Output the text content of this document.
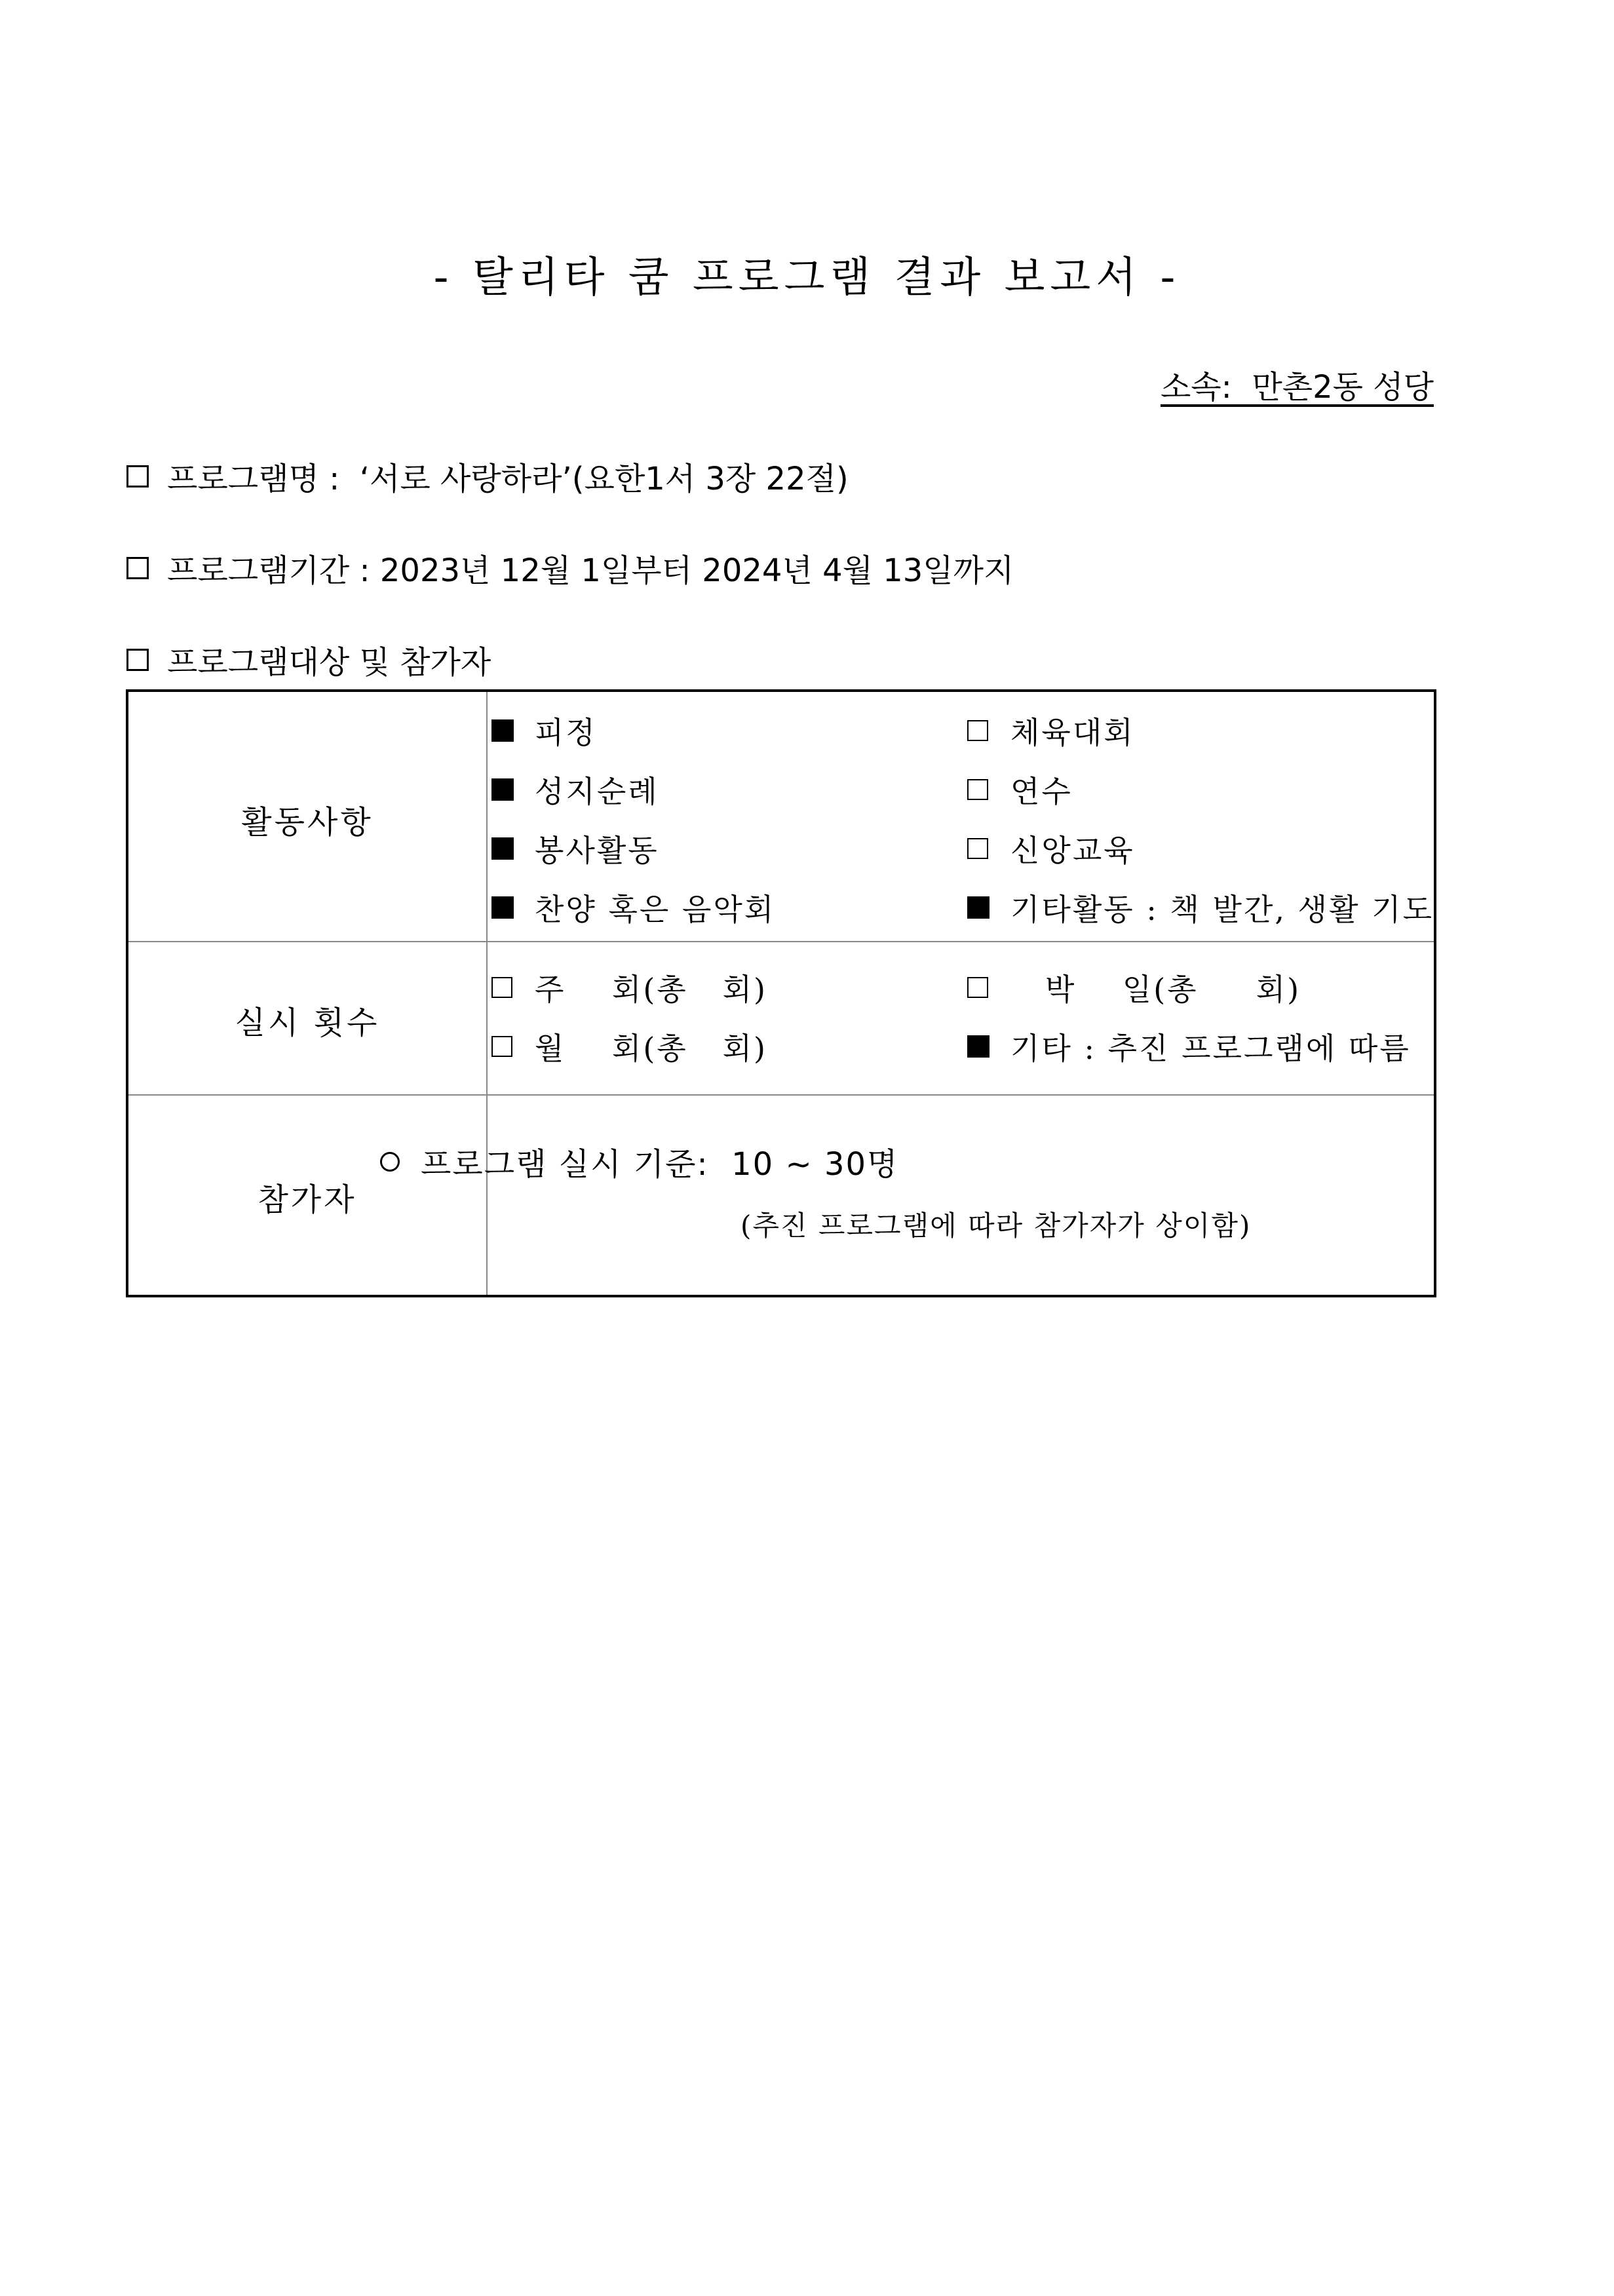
- 탈리타 쿰 프로그램 결과 보고서 -
소속:  만촌2동 성당
프로그램명 :  ‘서로 사랑하라’(요한1서 3장 22절)
프로그램기간 : 2023년 12월 1일부터 2024년 4월 13일까지
프로그램대상 및 참가자
활동사항
피정	체육대회
성지순례	연수
봉사활동	신앙교육
찬양 혹은 음악회	기타활동 : 책 발간, 생활 기도
실시 횟수
주    회(총   회)	박    일(총     회)
월    회(총   회)	기타 : 추진 프로그램에 따름
참가자
프로그램 실시 기준:  10 ~ 30명
(추진 프로그램에 따라 참가자가 상이함)
